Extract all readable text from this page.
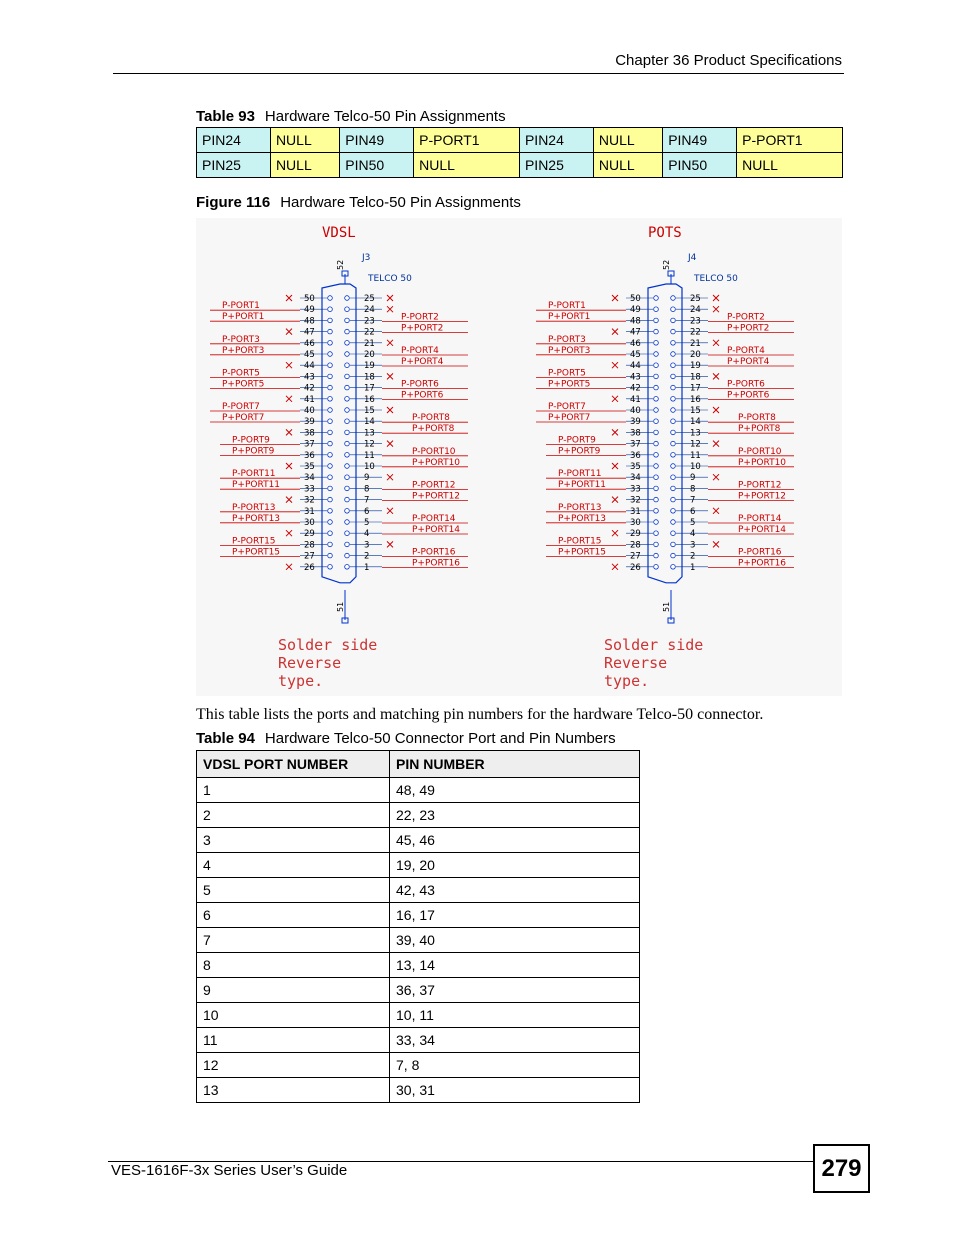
Chapter 36 Product Specifications
Table 93 Hardware Telco-50 Pin Assignments
PIN24	NULL	PIN49	P-PORT1	PIN24	NULL	PIN49	P-PORT1
PIN25	NULL	PIN50	NULL	PIN25	NULL	PIN50	NULL
Figure 116 Hardware Telco-50 Pin Assignments
VDSL
J3
TELCO 50
52
51
50
49
48
47
46
45
44
43
42
41
40
39
38
37
36
35
34
33
32
31
30
29
28
27
26
25
24
23
22
21
20
19
18
17
16
15
14
13
12
11
10
9
8
7
6
5
4
3
2
1
P-PORT1
P+PORT1
P-PORT3
P+PORT3
P-PORT5
P+PORT5
P-PORT7
P+PORT7
P-PORT9
P+PORT9
P-PORT11
P+PORT11
P-PORT13
P+PORT13
P-PORT15
P+PORT15
P-PORT2
P+PORT2
P-PORT4
P+PORT4
P-PORT6
P+PORT6
P-PORT8
P+PORT8
P-PORT10
P+PORT10
P-PORT12
P+PORT12
P-PORT14
P+PORT14
P-PORT16
P+PORT16
Solder side
Reverse
type.
POTS
J4
TELCO 50
52
51
50
49
48
47
46
45
44
43
42
41
40
39
38
37
36
35
34
33
32
31
30
29
28
27
26
25
24
23
22
21
20
19
18
17
16
15
14
13
12
11
10
9
8
7
6
5
4
3
2
1
P-PORT1
P+PORT1
P-PORT3
P+PORT3
P-PORT5
P+PORT5
P-PORT7
P+PORT7
P-PORT9
P+PORT9
P-PORT11
P+PORT11
P-PORT13
P+PORT13
P-PORT15
P+PORT15
P-PORT2
P+PORT2
P-PORT4
P+PORT4
P-PORT6
P+PORT6
P-PORT8
P+PORT8
P-PORT10
P+PORT10
P-PORT12
P+PORT12
P-PORT14
P+PORT14
P-PORT16
P+PORT16
Solder side
Reverse
type.
This table lists the ports and matching pin numbers for the hardware Telco-50 connector.
Table 94 Hardware Telco-50 Connector Port and Pin Numbers
VDSL PORT NUMBER	PIN NUMBER
1	48, 49
2	22, 23
3	45, 46
4	19, 20
5	42, 43
6	16, 17
7	39, 40
8	13, 14
9	36, 37
10	10, 11
11	33, 34
12	7, 8
13	30, 31
VES-1616F-3x Series User’s Guide	279
